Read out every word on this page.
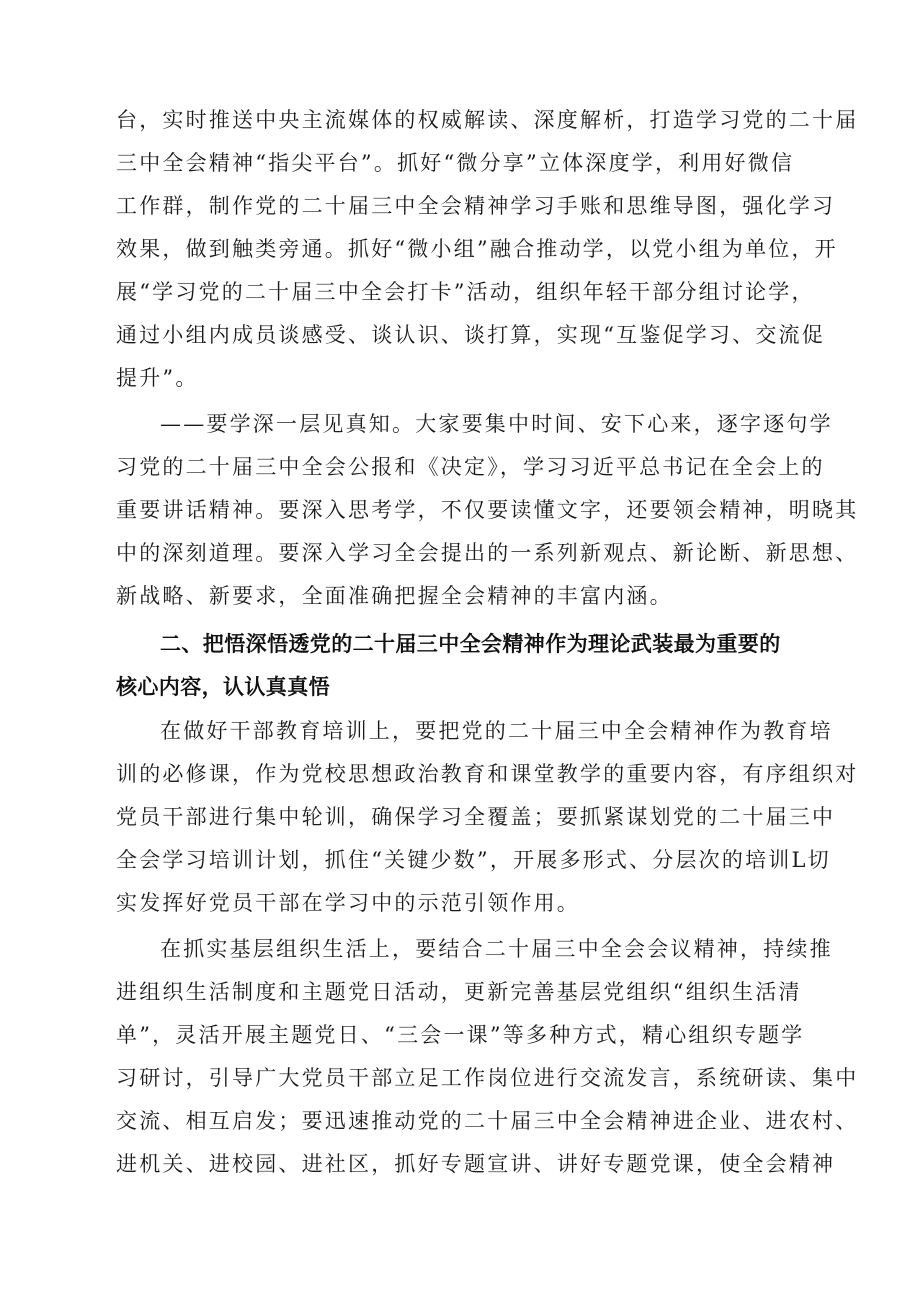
台，实时推送中央主流媒体的权威解读、深度解析，打造学习党的二十届
三中全会精神“指尖平台”。抓好“微分享”立体深度学，利用好微信
工作群，制作党的二十届三中全会精神学习手账和思维导图，强化学习
效果，做到触类旁通。抓好“微小组”融合推动学，以党小组为单位，开
展“学习党的二十届三中全会打卡”活动，组织年轻干部分组讨论学，
通过小组内成员谈感受、谈认识、谈打算，实现“互鉴促学习、交流促
提升”。
——要学深一层见真知。大家要集中时间、安下心来，逐字逐句学
习党的二十届三中全会公报和《决定》，学习习近平总书记在全会上的
重要讲话精神。要深入思考学，不仅要读懂文字，还要领会精神，明晓其
中的深刻道理。要深入学习全会提出的一系列新观点、新论断、新思想、
新战略、新要求，全面准确把握全会精神的丰富内涵。
二、把悟深悟透党的二十届三中全会精神作为理论武装最为重要的
核心内容，认认真真悟
在做好干部教育培训上，要把党的二十届三中全会精神作为教育培
训的必修课，作为党校思想政治教育和课堂教学的重要内容，有序组织对
党员干部进行集中轮训，确保学习全覆盖；要抓紧谋划党的二十届三中
全会学习培训计划，抓住“关键少数”，开展多形式、分层次的培训L切
实发挥好党员干部在学习中的示范引领作用。
在抓实基层组织生活上，要结合二十届三中全会会议精神，持续推
进组织生活制度和主题党日活动，更新完善基层党组织“组织生活清
单”，灵活开展主题党日、“三会一课”等多种方式，精心组织专题学
习研讨，引导广大党员干部立足工作岗位进行交流发言，系统研读、集中
交流、相互启发；要迅速推动党的二十届三中全会精神进企业、进农村、
进机关、进校园、进社区，抓好专题宣讲、讲好专题党课，使全会精神
